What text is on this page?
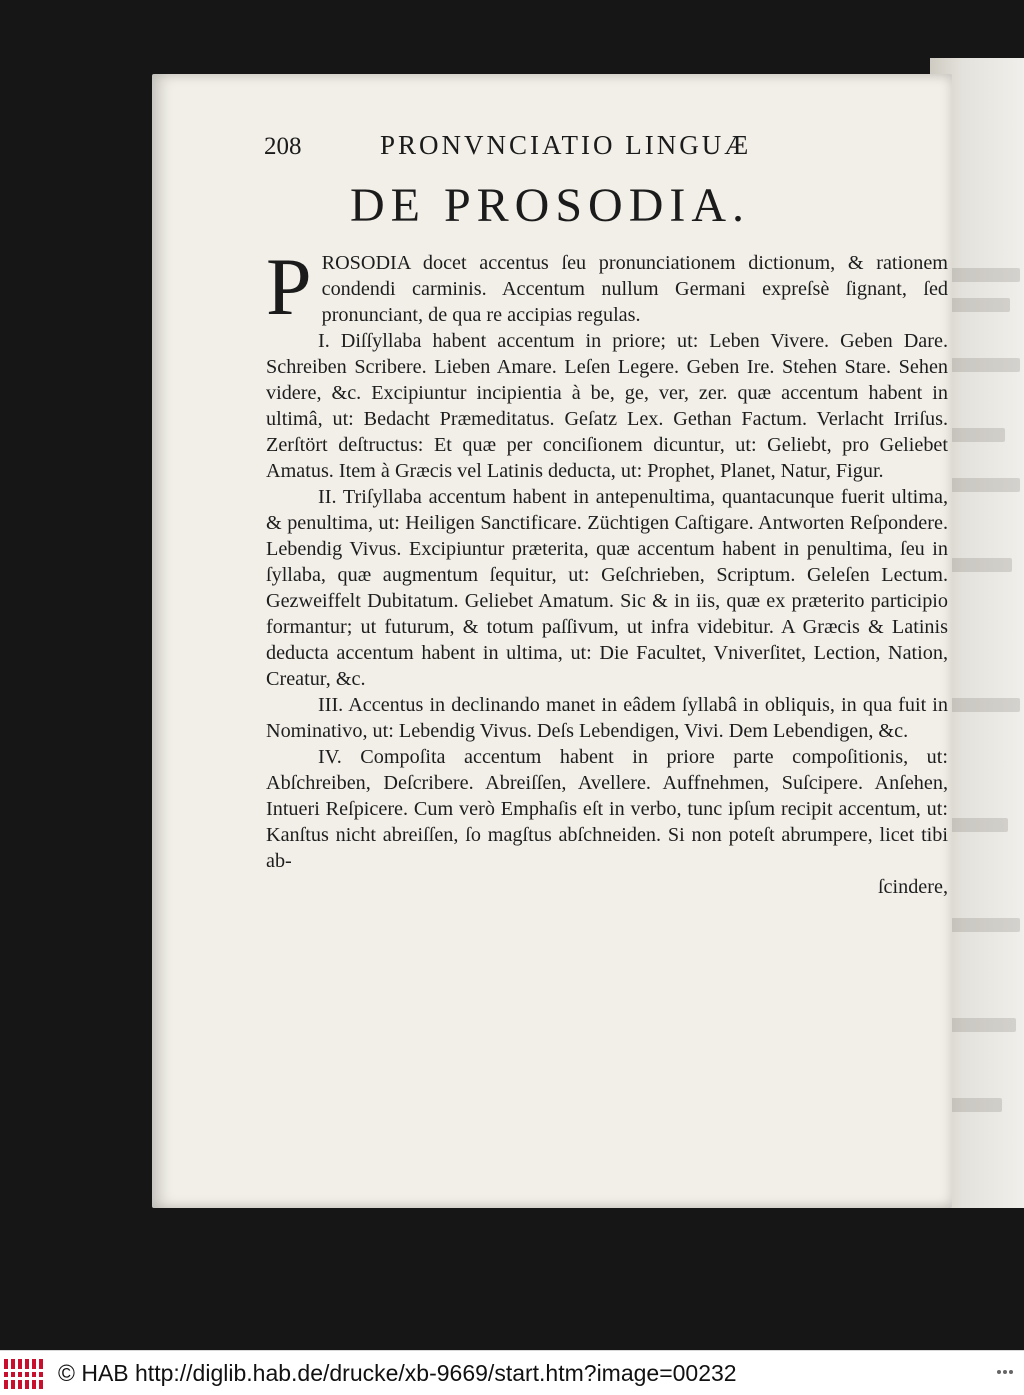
208	PRONVNCIATIO LINGUÆ
DE PROSODIA.

PROSODIA docet accentus ſeu pronunciationem dictionum, & rationem condendi carminis. Accentum nullum Germani expreſsè ſignant, ſed pronunciant, de qua re accipias regulas.

I. Diſſyllaba habent accentum in priore; ut: Leben Vivere. Geben Dare. Schreiben Scribere. Lieben Amare. Leſen Legere. Geben Ire. Stehen Stare. Sehen videre, &c. Excipiuntur incipientia à be, ge, ver, zer. quæ accentum habent in ultimâ, ut: Bedacht Præmeditatus. Geſatz Lex. Gethan Factum. Verlacht Irriſus. Zerſtört deſtructus: Et quæ per conciſionem dicuntur, ut: Geliebt, pro Geliebet Amatus. Item à Græcis vel Latinis deducta, ut: Prophet, Planet, Natur, Figur.

II. Triſyllaba accentum habent in antepenultima, quantacunque fuerit ultima, & penultima, ut: Heiligen Sanctificare. Züchtigen Caſtigare. Antworten Reſpondere. Lebendig Vivus. Excipiuntur præterita, quæ accentum habent in penultima, ſeu in ſyllaba, quæ augmentum ſequitur, ut: Geſchrieben, Scriptum. Geleſen Lectum. Gezweiffelt Dubitatum. Geliebet Amatum. Sic & in iis, quæ ex præterito participio formantur; ut futurum, & totum paſſivum, ut infra videbitur. A Græcis & Latinis deducta accentum habent in ultima, ut: Die Facultet, Vniverſitet, Lection, Nation, Creatur, &c.

III. Accentus in declinando manet in eâdem ſyllabâ in obliquis, in qua fuit in Nominativo, ut: Lebendig Vivus. Deſs Lebendigen, Vivi. Dem Lebendigen, &c.

IV. Compoſita accentum habent in priore parte compoſitionis, ut: Abſchreiben, Deſcribere. Abreiſſen, Avellere. Auffnehmen, Suſcipere. Anſehen, Intueri Reſpicere. Cum verò Emphaſis eſt in verbo, tunc ipſum recipit accentum, ut: Kanſtus nicht abreiſſen, ſo magſtus abſchneiden. Si non poteſt abrumpere, licet tibi ab-

ſcindere,

© HAB http://diglib.hab.de/drucke/xb-9669/start.htm?image=00232
